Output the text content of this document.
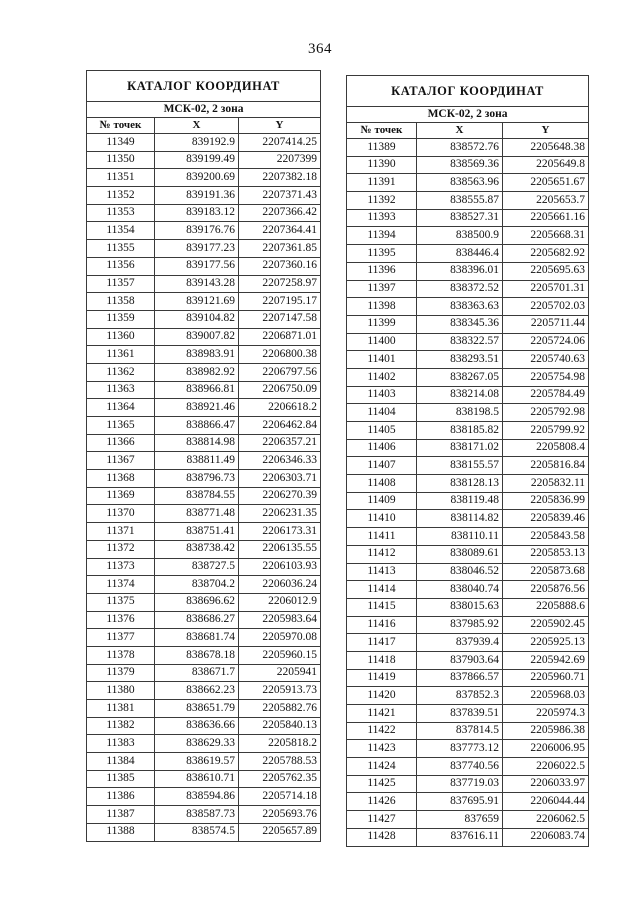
364
КАТАЛОГ КООРДИНАТ		
МСК-02, 2 зона		
№ точек	X	Y
11349	839192.9	2207414.25
11350	839199.49	2207399
11351	839200.69	2207382.18
11352	839191.36	2207371.43
11353	839183.12	2207366.42
11354	839176.76	2207364.41
11355	839177.23	2207361.85
11356	839177.56	2207360.16
11357	839143.28	2207258.97
11358	839121.69	2207195.17
11359	839104.82	2207147.58
11360	839007.82	2206871.01
11361	838983.91	2206800.38
11362	838982.92	2206797.56
11363	838966.81	2206750.09
11364	838921.46	2206618.2
11365	838866.47	2206462.84
11366	838814.98	2206357.21
11367	838811.49	2206346.33
11368	838796.73	2206303.71
11369	838784.55	2206270.39
11370	838771.48	2206231.35
11371	838751.41	2206173.31
11372	838738.42	2206135.55
11373	838727.5	2206103.93
11374	838704.2	2206036.24
11375	838696.62	2206012.9
11376	838686.27	2205983.64
11377	838681.74	2205970.08
11378	838678.18	2205960.15
11379	838671.7	2205941
11380	838662.23	2205913.73
11381	838651.79	2205882.76
11382	838636.66	2205840.13
11383	838629.33	2205818.2
11384	838619.57	2205788.53
11385	838610.71	2205762.35
11386	838594.86	2205714.18
11387	838587.73	2205693.76
11388	838574.5	2205657.89
КАТАЛОГ КООРДИНАТ		
МСК-02, 2 зона		
№ точек	X	Y
11389	838572.76	2205648.38
11390	838569.36	2205649.8
11391	838563.96	2205651.67
11392	838555.87	2205653.7
11393	838527.31	2205661.16
11394	838500.9	2205668.31
11395	838446.4	2205682.92
11396	838396.01	2205695.63
11397	838372.52	2205701.31
11398	838363.63	2205702.03
11399	838345.36	2205711.44
11400	838322.57	2205724.06
11401	838293.51	2205740.63
11402	838267.05	2205754.98
11403	838214.08	2205784.49
11404	838198.5	2205792.98
11405	838185.82	2205799.92
11406	838171.02	2205808.4
11407	838155.57	2205816.84
11408	838128.13	2205832.11
11409	838119.48	2205836.99
11410	838114.82	2205839.46
11411	838110.11	2205843.58
11412	838089.61	2205853.13
11413	838046.52	2205873.68
11414	838040.74	2205876.56
11415	838015.63	2205888.6
11416	837985.92	2205902.45
11417	837939.4	2205925.13
11418	837903.64	2205942.69
11419	837866.57	2205960.71
11420	837852.3	2205968.03
11421	837839.51	2205974.3
11422	837814.5	2205986.38
11423	837773.12	2206006.95
11424	837740.56	2206022.5
11425	837719.03	2206033.97
11426	837695.91	2206044.44
11427	837659	2206062.5
11428	837616.11	2206083.74
